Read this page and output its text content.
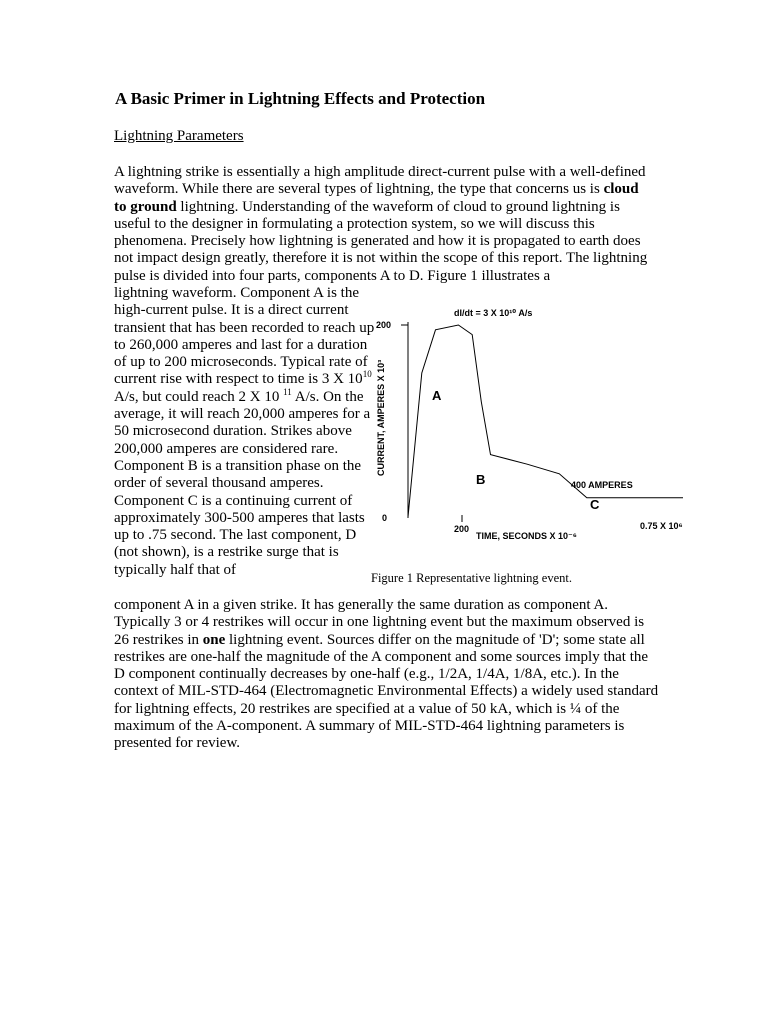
A Basic Primer in Lightning Effects and Protection

Lightning Parameters

A lightning strike is essentially a high amplitude direct-current pulse with a well-defined waveform. While there are several types of lightning, the type that concerns us is cloud to ground lightning. Understanding of the waveform of cloud to ground lightning is useful to the designer in formulating a protection system, so we will discuss this phenomena. Precisely how lightning is generated and how it is propagated to earth does not impact design greatly, therefore it is not within the scope of this report. The lightning pulse is divided into four parts, components A to D. Figure 1 illustrates a

lightning waveform. Component A is the high-current pulse. It is a direct current transient that has been recorded to reach up to 260,000 amperes and last for a duration of up to 200 microseconds. Typical rate of current rise with respect to time is 3 X $10^{10}$ A/s, but could reach 2 X 10 $^{11}$ A/s. On the average, it will reach 20,000 amperes for a 50 microsecond duration. Strikes above 200,000 amperes are considered rare. Component B is a transition phase on the order of several thousand amperes. Component C is a continuing current of approximately 300-500 amperes that lasts up to .75 second. The last component, D (not shown), is a restrike surge that is typically half that of

dI/dt = 3 X 10¹⁰ A/s
CURRENT, AMPERES X 10³
TIME, SECONDS X 10⁻⁶
200
0
200	0.75 X 10⁶
A
B
C
400 AMPERES

Figure 1 Representative lightning event.

component A in a given strike. It has generally the same duration as component A. Typically 3 or 4 restrikes will occur in one lightning event but the maximum observed is 26 restrikes in one lightning event. Sources differ on the magnitude of 'D'; some state all restrikes are one-half the magnitude of the A component and some sources imply that the D component continually decreases by one-half (e.g., 1/2A, 1/4A, 1/8A, etc.). In the context of MIL-STD-464 (Electromagnetic Environmental Effects) a widely used standard for lightning effects, 20 restrikes are specified at a value of 50 kA, which is ¼ of the maximum of the A-component. A summary of MIL-STD-464 lightning parameters is presented for review.
